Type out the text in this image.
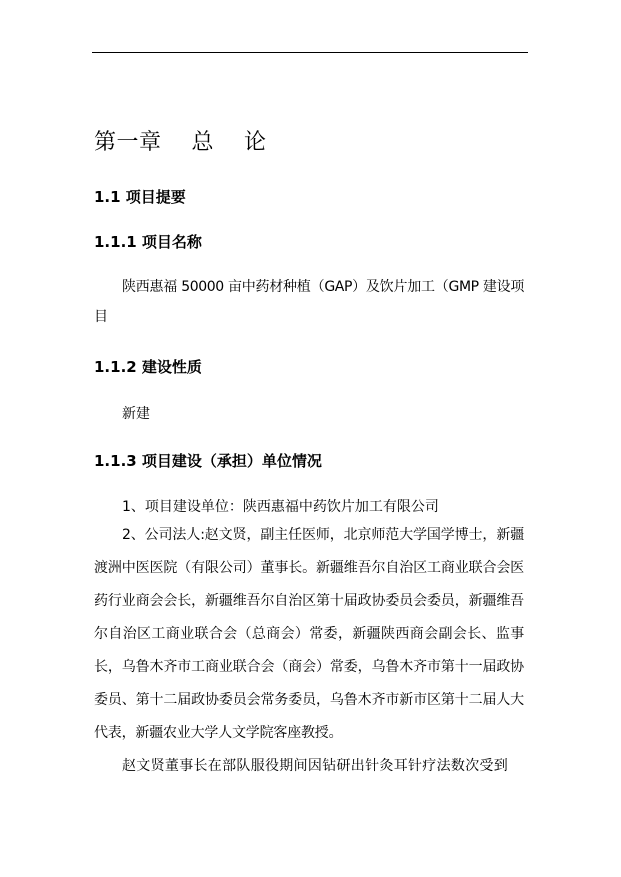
第一章    总    论
1.1 项目提要
1.1.1 项目名称
陕西惠福 50000 亩中药材种植（GAP）及饮片加工（GMP 建设项目
1.1.2 建设性质
新建
1.1.3 项目建设（承担）单位情况
1、项目建设单位：陕西惠福中药饮片加工有限公司
2、公司法人:赵文贤，副主任医师，北京师范大学国学博士，新疆渡洲中医医院（有限公司）董事长。新疆维吾尔自治区工商业联合会医药行业商会会长，新疆维吾尔自治区第十届政协委员会委员，新疆维吾尔自治区工商业联合会（总商会）常委，新疆陕西商会副会长、监事长，乌鲁木齐市工商业联合会（商会）常委，乌鲁木齐市第十一届政协委员、第十二届政协委员会常务委员，乌鲁木齐市新市区第十二届人大代表，新疆农业大学人文学院客座教授。
赵文贤董事长在部队服役期间因钻研出针灸耳针疗法数次受到
